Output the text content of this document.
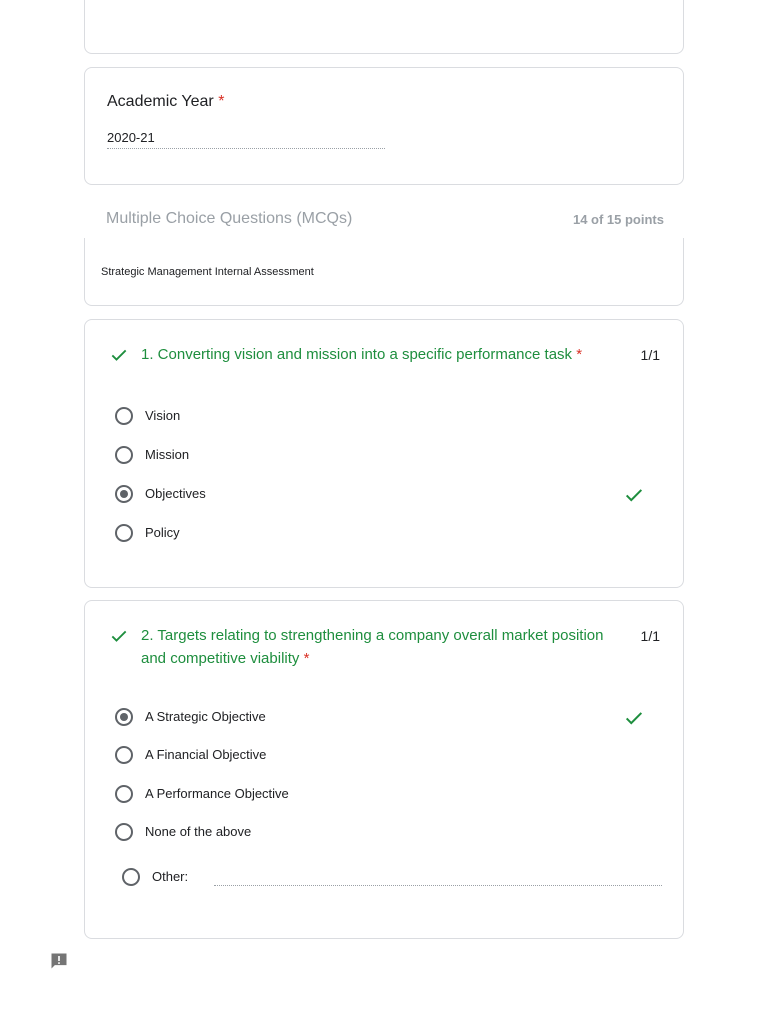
Academic Year *
2020-21
Multiple Choice Questions (MCQs)	14 of 15 points
Strategic Management Internal Assessment
1. Converting vision and mission into a specific performance task *	1/1
Vision
Mission
Objectives
Policy
2. Targets relating to strengthening a company overall market position and competitive viability *
1/1
A Strategic Objective
A Financial Objective
A Performance Objective
None of the above
Other:
